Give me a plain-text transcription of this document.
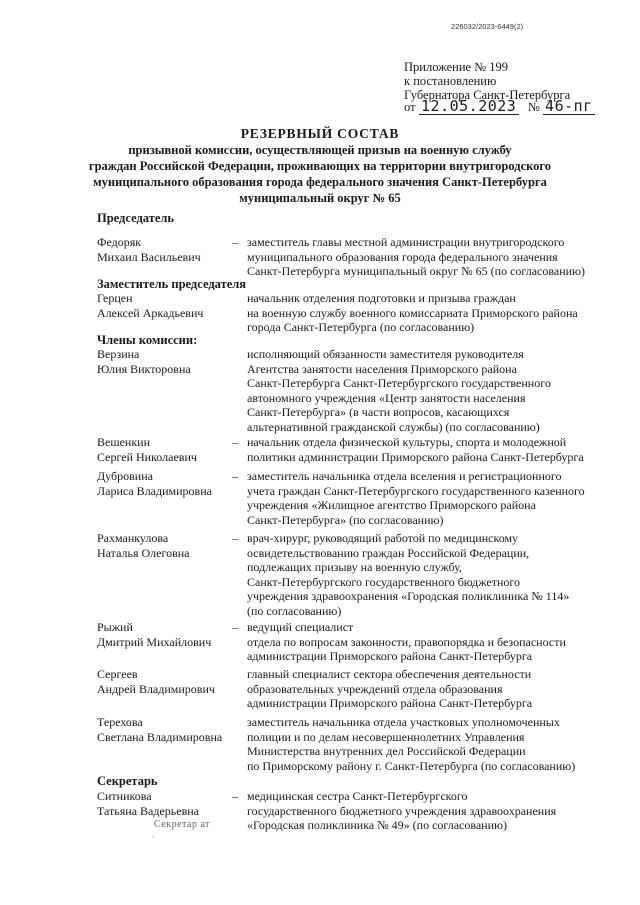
226032/2023-6449(2)
Приложение № 199
к постановлению
Губернатора Санкт-Петербурга
от 12.05.2023 № 46-пг
РЕЗЕРВНЫЙ СОСТАВ
призывной комиссии, осуществляющей призыв на военную службу
граждан Российской Федерации, проживающих на территории внутригородского
муниципального образования города федерального значения Санкт-Петербурга
муниципальный округ № 65
Председатель
Федоряк
Михаил Васильевич
– заместитель главы местной администрации внутригородского
муниципального образования города федерального значения
Санкт-Петербурга муниципальный округ № 65 (по согласованию)
Заместитель председателя
Герцен
Алексей Аркадьевич
начальник отделения подготовки и призыва граждан
на военную службу военного комиссариата Приморского района
города Санкт-Петербурга (по согласованию)
Члены комиссии:
Верзина
Юлия Викторовна
исполняющий обязанности заместителя руководителя
Агентства занятости населения Приморского района
Санкт-Петербурга Санкт-Петербургского государственного
автономного учреждения «Центр занятости населения
Санкт-Петербурга» (в части вопросов, касающихся
альтернативной гражданской службы) (по согласованию)
Вешенкин
Сергей Николаевич
– начальник отдела физической культуры, спорта и молодежной
политики администрации Приморского района Санкт-Петербурга
Дубровина
Лариса Владимировна
– заместитель начальника отдела вселения и регистрационного
учета граждан Санкт-Петербургского государственного казенного
учреждения «Жилищное агентство Приморского района
Санкт-Петербурга» (по согласованию)
Рахманкулова
Наталья Олеговна
– врач-хирург, руководящий работой по медицинскому
освидетельствованию граждан Российской Федерации,
подлежащих призыву на военную службу,
Санкт-Петербургского государственного бюджетного
учреждения здравоохранения «Городская поликлиника № 114»
(по согласованию)
Рыжий
Дмитрий Михайлович
– ведущий специалист
отдела по вопросам законности, правопорядка и безопасности
администрации Приморского района Санкт-Петербурга
Сергеев
Андрей Владимирович
главный специалист сектора обеспечения деятельности
образовательных учреждений отдела образования
администрации Приморского района Санкт-Петербурга
Терехова
Светлана Владимировна
заместитель начальника отдела участковых уполномоченных
полиции и по делам несовершеннолетних Управления
Министерства внутренних дел Российской Федерации
по Приморскому району г. Санкт-Петербурга (по согласованию)
Секретарь
Ситникова
Татьяна Вадерьевна
– медицинская сестра Санкт-Петербургского
государственного бюджетного учреждения здравоохранения
«Городская поликлиника № 49» (по согласованию)
Секретар ат
`
